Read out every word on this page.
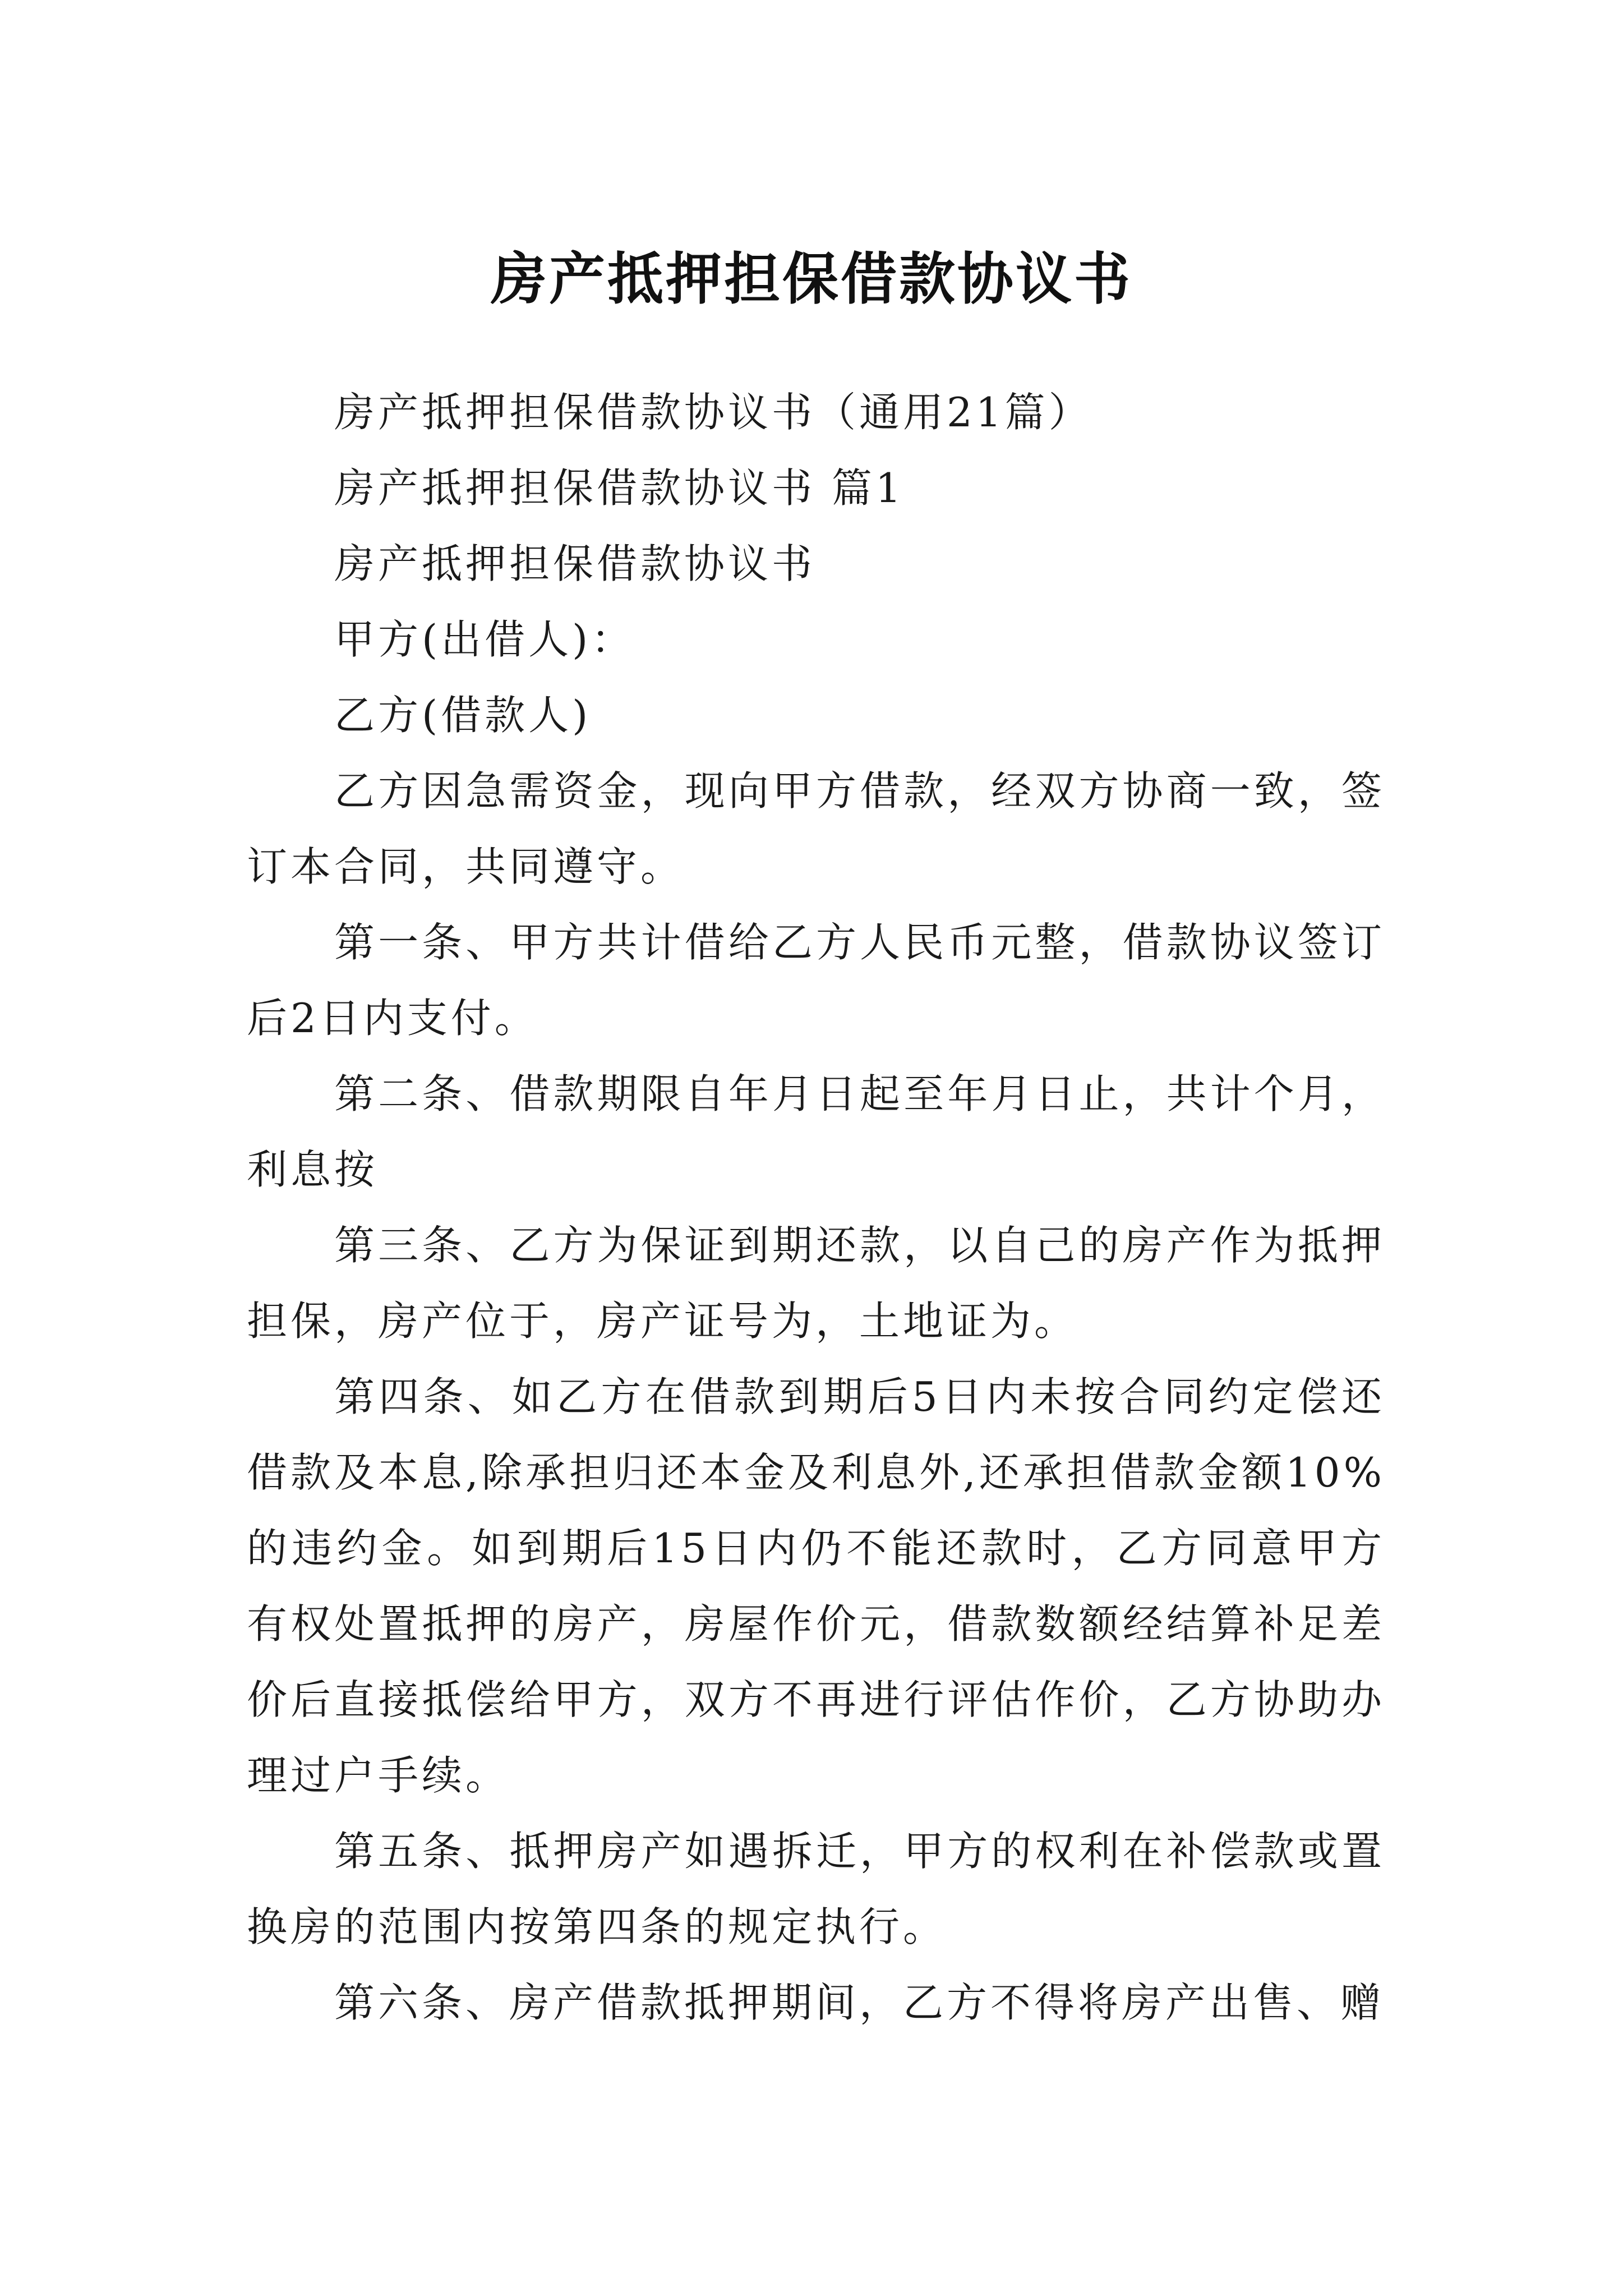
房产抵押担保借款协议书

房产抵押担保借款协议书（通用21篇）

房产抵押担保借款协议书 篇1

房产抵押担保借款协议书

甲方(出借人)：

乙方(借款人)

乙方因急需资金，现向甲方借款，经双方协商一致，签订本合同，共同遵守。

第一条、甲方共计借给乙方人民币元整，借款协议签订后2日内支付。

第二条、借款期限自年月日起至年月日止，共计个月，利息按

第三条、乙方为保证到期还款，以自己的房产作为抵押担保，房产位于，房产证号为，土地证为。

第四条、如乙方在借款到期后5日内未按合同约定偿还借款及本息,除承担归还本金及利息外,还承担借款金额10%的违约金。如到期后15日内仍不能还款时，乙方同意甲方有权处置抵押的房产，房屋作价元，借款数额经结算补足差价后直接抵偿给甲方，双方不再进行评估作价，乙方协助办理过户手续。

第五条、抵押房产如遇拆迁，甲方的权利在补偿款或置换房的范围内按第四条的规定执行。

第六条、房产借款抵押期间，乙方不得将房产出售、赠
